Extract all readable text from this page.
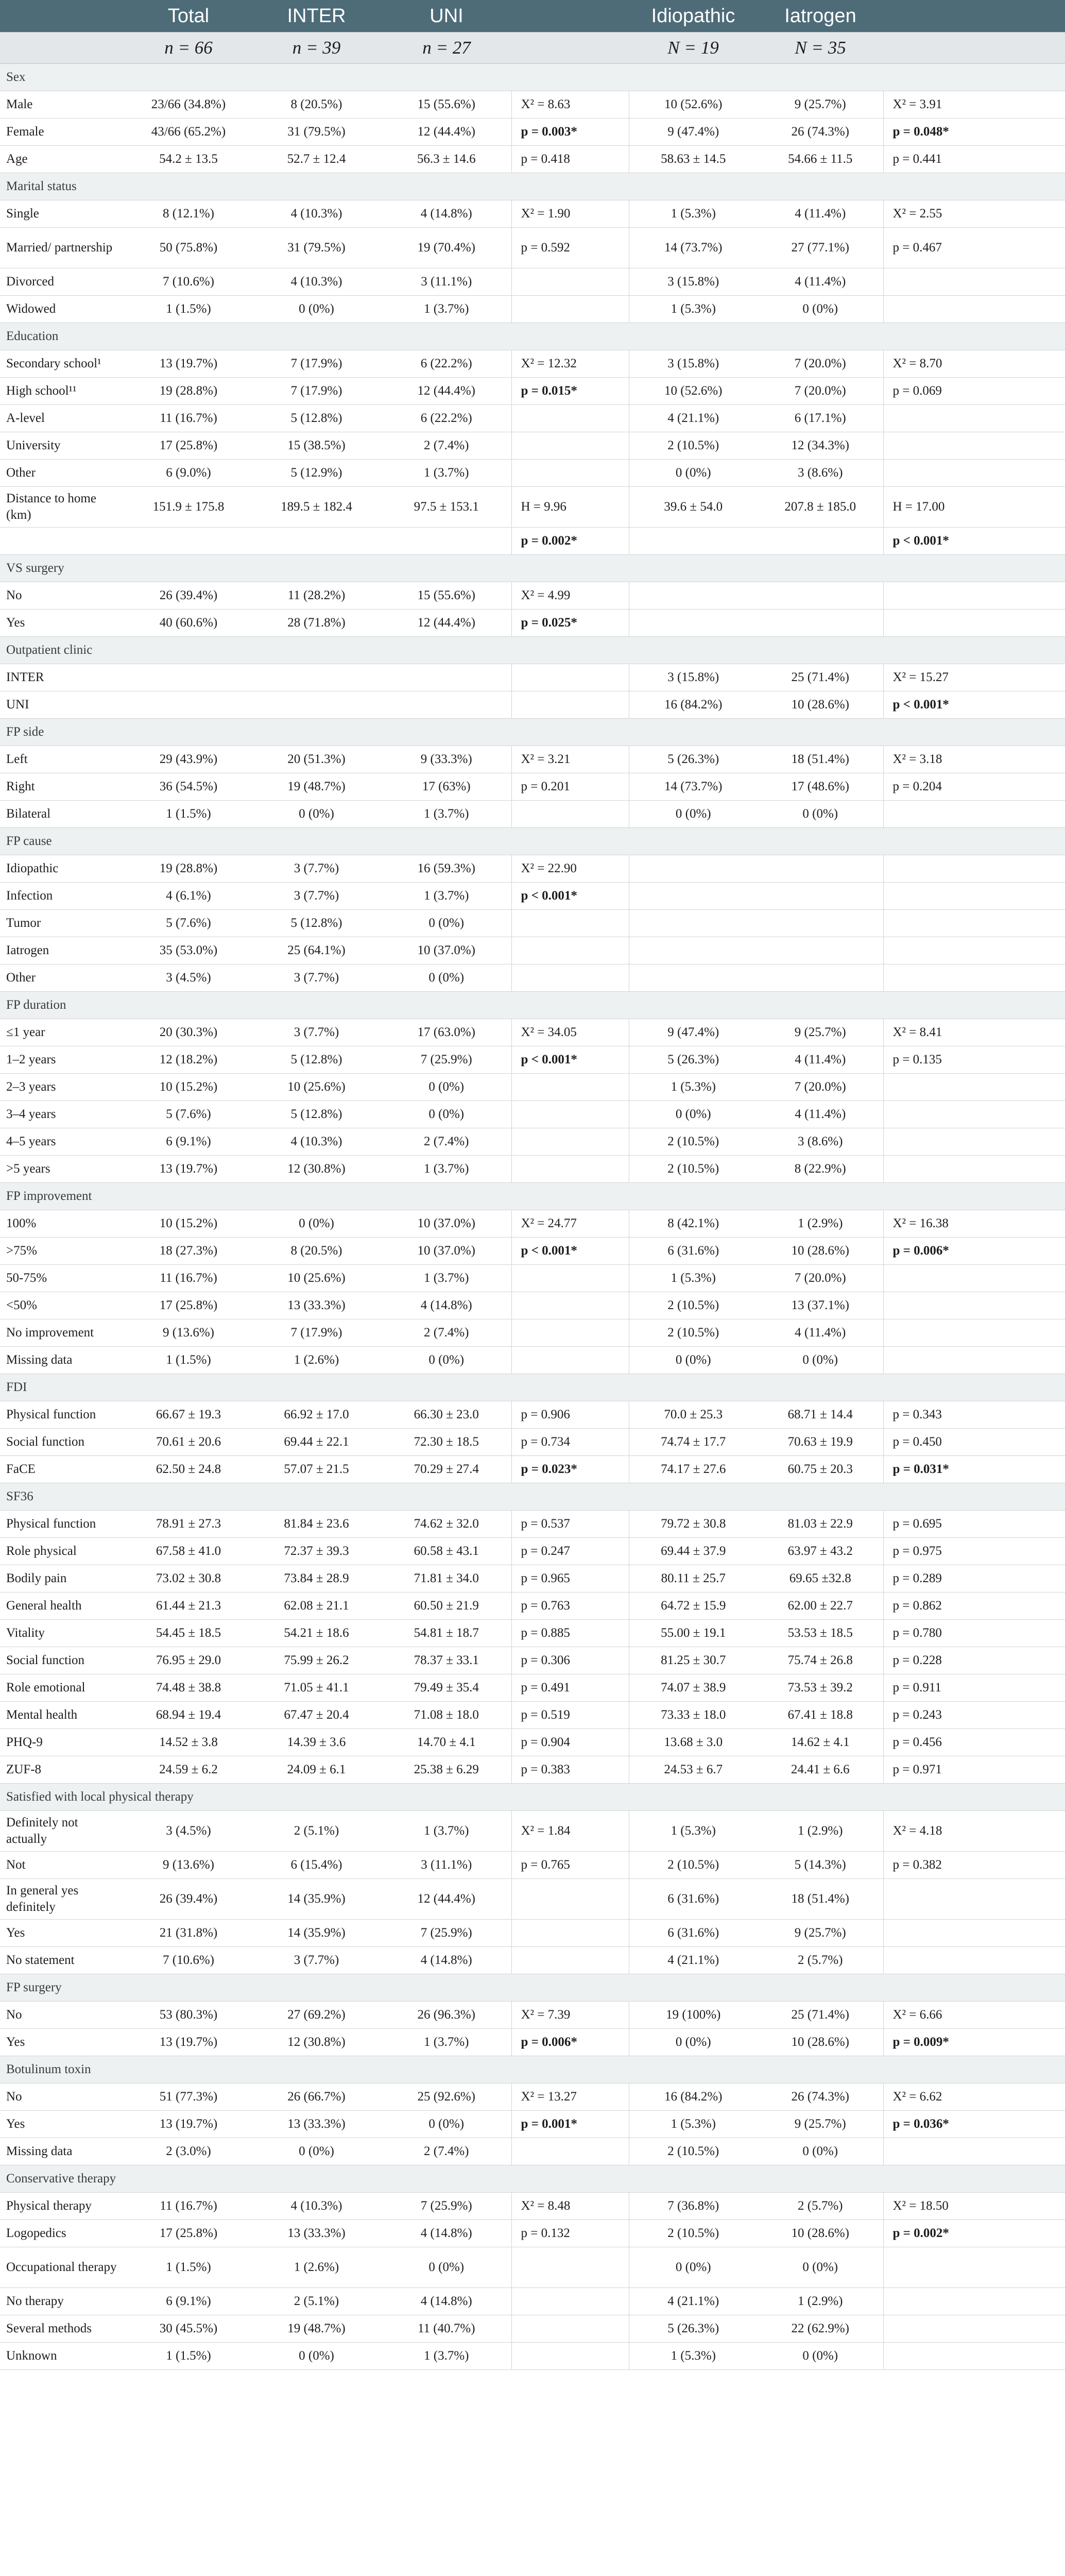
	Total	INTER	UNI		Idiopathic	Iatrogen	
	n = 66	n = 39	n = 27		N = 19	N = 35	
Sex							
Male	23/66 (34.8%)	8 (20.5%)	15 (55.6%)	X² = 8.63	10 (52.6%)	9 (25.7%)	X² = 3.91
Female	43/66 (65.2%)	31 (79.5%)	12 (44.4%)	p = 0.003*	9 (47.4%)	26 (74.3%)	p = 0.048*
Age	54.2 ± 13.5	52.7 ± 12.4	56.3 ± 14.6	p = 0.418	58.63 ± 14.5	54.66 ± 11.5	p = 0.441
Marital status							
Single	8 (12.1%)	4 (10.3%)	4 (14.8%)	X² = 1.90	1 (5.3%)	4 (11.4%)	X² = 2.55
Married/ partnership	50 (75.8%)	31 (79.5%)	19 (70.4%)	p = 0.592	14 (73.7%)	27 (77.1%)	p = 0.467
Divorced	7 (10.6%)	4 (10.3%)	3 (11.1%)		3 (15.8%)	4 (11.4%)	
Widowed	1 (1.5%)	0 (0%)	1 (3.7%)		1 (5.3%)	0 (0%)	
Education							
Secondary school¹	13 (19.7%)	7 (17.9%)	6 (22.2%)	X² = 12.32	3 (15.8%)	7 (20.0%)	X² = 8.70
High school¹¹	19 (28.8%)	7 (17.9%)	12 (44.4%)	p = 0.015*	10 (52.6%)	7 (20.0%)	p = 0.069
A-level	11 (16.7%)	5 (12.8%)	6 (22.2%)		4 (21.1%)	6 (17.1%)	
University	17 (25.8%)	15 (38.5%)	2 (7.4%)		2 (10.5%)	12 (34.3%)	
Other	6 (9.0%)	5 (12.9%)	1 (3.7%)		0 (0%)	3 (8.6%)	
Distance to home (km)	151.9 ± 175.8	189.5 ± 182.4	97.5 ± 153.1	H = 9.96	39.6 ± 54.0	207.8 ± 185.0	H = 17.00
				p = 0.002*			p < 0.001*
VS surgery							
No	26 (39.4%)	11 (28.2%)	15 (55.6%)	X² = 4.99			
Yes	40 (60.6%)	28 (71.8%)	12 (44.4%)	p = 0.025*			
Outpatient clinic							
INTER					3 (15.8%)	25 (71.4%)	X² = 15.27
UNI					16 (84.2%)	10 (28.6%)	p < 0.001*
FP side							
Left	29 (43.9%)	20 (51.3%)	9 (33.3%)	X² = 3.21	5 (26.3%)	18 (51.4%)	X² = 3.18
Right	36 (54.5%)	19 (48.7%)	17 (63%)	p = 0.201	14 (73.7%)	17 (48.6%)	p = 0.204
Bilateral	1 (1.5%)	0 (0%)	1 (3.7%)		0 (0%)	0 (0%)	
FP cause							
Idiopathic	19 (28.8%)	3 (7.7%)	16 (59.3%)	X² = 22.90			
Infection	4 (6.1%)	3 (7.7%)	1 (3.7%)	p < 0.001*			
Tumor	5 (7.6%)	5 (12.8%)	0 (0%)				
Iatrogen	35 (53.0%)	25 (64.1%)	10 (37.0%)				
Other	3 (4.5%)	3 (7.7%)	0 (0%)				
FP duration							
≤1 year	20 (30.3%)	3 (7.7%)	17 (63.0%)	X² = 34.05	9 (47.4%)	9 (25.7%)	X² = 8.41
1–2 years	12 (18.2%)	5 (12.8%)	7 (25.9%)	p < 0.001*	5 (26.3%)	4 (11.4%)	p = 0.135
2–3 years	10 (15.2%)	10 (25.6%)	0 (0%)		1 (5.3%)	7 (20.0%)	
3–4 years	5 (7.6%)	5 (12.8%)	0 (0%)		0 (0%)	4 (11.4%)	
4–5 years	6 (9.1%)	4 (10.3%)	2 (7.4%)		2 (10.5%)	3 (8.6%)	
>5 years	13 (19.7%)	12 (30.8%)	1 (3.7%)		2 (10.5%)	8 (22.9%)	
FP improvement							
100%	10 (15.2%)	0 (0%)	10 (37.0%)	X² = 24.77	8 (42.1%)	1 (2.9%)	X² = 16.38
>75%	18 (27.3%)	8 (20.5%)	10 (37.0%)	p < 0.001*	6 (31.6%)	10 (28.6%)	p = 0.006*
50-75%	11 (16.7%)	10 (25.6%)	1 (3.7%)		1 (5.3%)	7 (20.0%)	
<50%	17 (25.8%)	13 (33.3%)	4 (14.8%)		2 (10.5%)	13 (37.1%)	
No improvement	9 (13.6%)	7 (17.9%)	2 (7.4%)		2 (10.5%)	4 (11.4%)	
Missing data	1 (1.5%)	1 (2.6%)	0 (0%)		0 (0%)	0 (0%)	
FDI							
Physical function	66.67 ± 19.3	66.92 ± 17.0	66.30 ± 23.0	p = 0.906	70.0 ± 25.3	68.71 ± 14.4	p = 0.343
Social function	70.61 ± 20.6	69.44 ± 22.1	72.30 ± 18.5	p = 0.734	74.74 ± 17.7	70.63 ± 19.9	p = 0.450
FaCE	62.50 ± 24.8	57.07 ± 21.5	70.29 ± 27.4	p = 0.023*	74.17 ± 27.6	60.75 ± 20.3	p = 0.031*
SF36							
Physical function	78.91 ± 27.3	81.84 ± 23.6	74.62 ± 32.0	p = 0.537	79.72 ± 30.8	81.03 ± 22.9	p = 0.695
Role physical	67.58 ± 41.0	72.37 ± 39.3	60.58 ± 43.1	p = 0.247	69.44 ± 37.9	63.97 ± 43.2	p = 0.975
Bodily pain	73.02 ± 30.8	73.84 ± 28.9	71.81 ± 34.0	p = 0.965	80.11 ± 25.7	69.65 ±32.8	p = 0.289
General health	61.44 ± 21.3	62.08 ± 21.1	60.50 ± 21.9	p = 0.763	64.72 ± 15.9	62.00 ± 22.7	p = 0.862
Vitality	54.45 ± 18.5	54.21 ± 18.6	54.81 ± 18.7	p = 0.885	55.00 ± 19.1	53.53 ± 18.5	p = 0.780
Social function	76.95 ± 29.0	75.99 ± 26.2	78.37 ± 33.1	p = 0.306	81.25 ± 30.7	75.74 ± 26.8	p = 0.228
Role emotional	74.48 ± 38.8	71.05 ± 41.1	79.49 ± 35.4	p = 0.491	74.07 ± 38.9	73.53 ± 39.2	p = 0.911
Mental health	68.94 ± 19.4	67.47 ± 20.4	71.08 ± 18.0	p = 0.519	73.33 ± 18.0	67.41 ± 18.8	p = 0.243
PHQ-9	14.52 ± 3.8	14.39 ± 3.6	14.70 ± 4.1	p = 0.904	13.68 ± 3.0	14.62 ± 4.1	p = 0.456
ZUF-8	24.59 ± 6.2	24.09 ± 6.1	25.38 ± 6.29	p = 0.383	24.53 ± 6.7	24.41 ± 6.6	p = 0.971
Satisfied with local physical therapy							
Definitely not actually	3 (4.5%)	2 (5.1%)	1 (3.7%)	X² = 1.84	1 (5.3%)	1 (2.9%)	X² = 4.18
Not	9 (13.6%)	6 (15.4%)	3 (11.1%)	p = 0.765	2 (10.5%)	5 (14.3%)	p = 0.382
In general yes definitely	26 (39.4%)	14 (35.9%)	12 (44.4%)		6 (31.6%)	18 (51.4%)	
Yes	21 (31.8%)	14 (35.9%)	7 (25.9%)		6 (31.6%)	9 (25.7%)	
No statement	7 (10.6%)	3 (7.7%)	4 (14.8%)		4 (21.1%)	2 (5.7%)	
FP surgery							
No	53 (80.3%)	27 (69.2%)	26 (96.3%)	X² = 7.39	19 (100%)	25 (71.4%)	X² = 6.66
Yes	13 (19.7%)	12 (30.8%)	1 (3.7%)	p = 0.006*	0 (0%)	10 (28.6%)	p = 0.009*
Botulinum toxin							
No	51 (77.3%)	26 (66.7%)	25 (92.6%)	X² = 13.27	16 (84.2%)	26 (74.3%)	X² = 6.62
Yes	13 (19.7%)	13 (33.3%)	0 (0%)	p = 0.001*	1 (5.3%)	9 (25.7%)	p = 0.036*
Missing data	2 (3.0%)	0 (0%)	2 (7.4%)		2 (10.5%)	0 (0%)	
Conservative therapy							
Physical therapy	11 (16.7%)	4 (10.3%)	7 (25.9%)	X² = 8.48	7 (36.8%)	2 (5.7%)	X² = 18.50
Logopedics	17 (25.8%)	13 (33.3%)	4 (14.8%)	p = 0.132	2 (10.5%)	10 (28.6%)	p = 0.002*
Occupational therapy	1 (1.5%)	1 (2.6%)	0 (0%)		0 (0%)	0 (0%)	
No therapy	6 (9.1%)	2 (5.1%)	4 (14.8%)		4 (21.1%)	1 (2.9%)	
Several methods	30 (45.5%)	19 (48.7%)	11 (40.7%)		5 (26.3%)	22 (62.9%)	
Unknown	1 (1.5%)	0 (0%)	1 (3.7%)		1 (5.3%)	0 (0%)	
